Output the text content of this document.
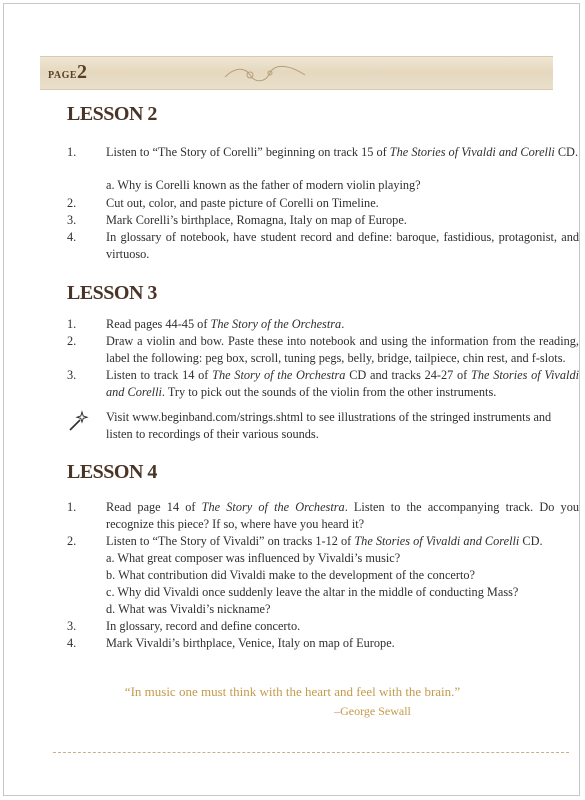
PAGE2
LESSON 2
1. Listen to “The Story of Corelli” beginning on track 15 of The Stories of Vivaldi and Corelli CD.
a. Why is Corelli known as the father of modern violin playing?
2. Cut out, color, and paste picture of Corelli on Timeline.
3. Mark Corelli’s birthplace, Romagna, Italy on map of Europe.
4. In glossary of notebook, have student record and define: baroque, fastidious, protagonist, and virtuoso.
LESSON 3
1. Read pages 44-45 of The Story of the Orchestra.
2. Draw a violin and bow. Paste these into notebook and using the information from the reading, label the following: peg box, scroll, tuning pegs, belly, bridge, tailpiece, chin rest, and f-slots.
3. Listen to track 14 of The Story of the Orchestra CD and tracks 24-27 of The Stories of Vivaldi and Corelli. Try to pick out the sounds of the violin from the other instruments.
Visit www.beginband.com/strings.shtml to see illustrations of the stringed instruments and listen to recordings of their various sounds.
LESSON 4
1. Read page 14 of The Story of the Orchestra. Listen to the accompanying track. Do you recognize this piece? If so, where have you heard it?
2. Listen to “The Story of Vivaldi” on tracks 1-12 of The Stories of Vivaldi and Corelli CD.
a. What great composer was influenced by Vivaldi’s music?
b. What contribution did Vivaldi make to the development of the concerto?
c. Why did Vivaldi once suddenly leave the altar in the middle of conducting Mass?
d. What was Vivaldi’s nickname?
3. In glossary, record and define concerto.
4. Mark Vivaldi’s birthplace, Venice, Italy on map of Europe.
“In music one must think with the heart and feel with the brain.”
–George Sewall
